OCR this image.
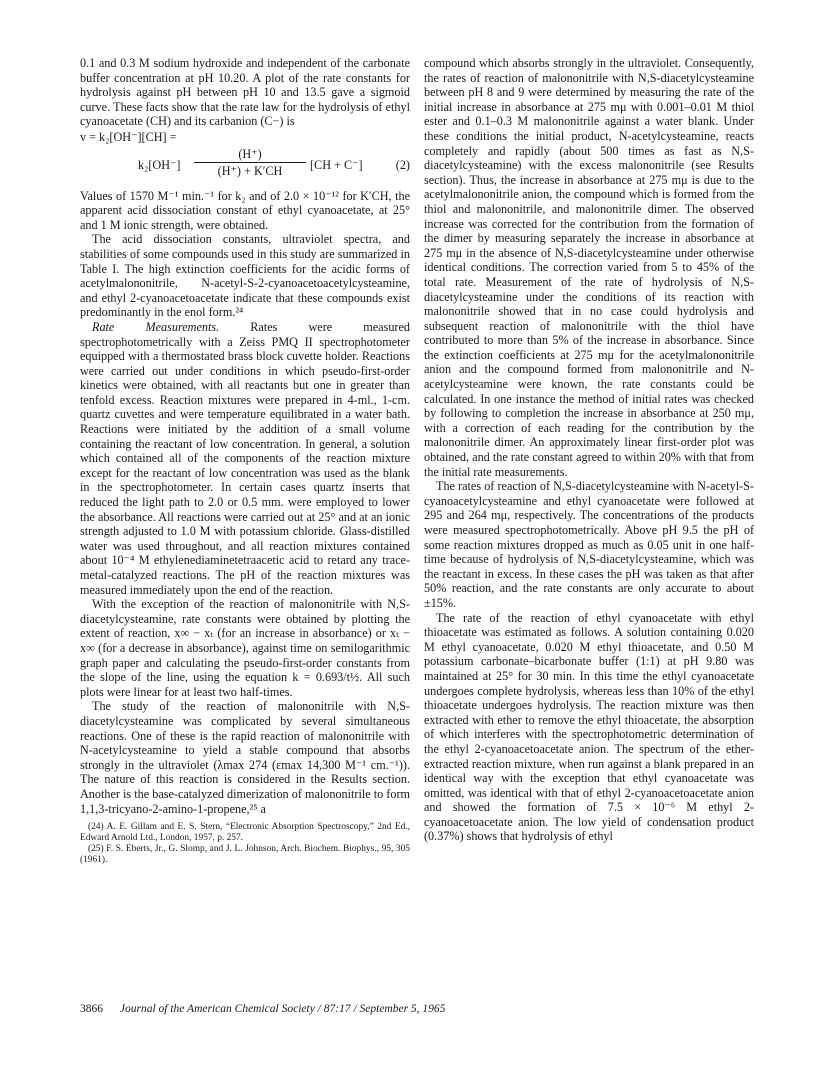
0.1 and 0.3 M sodium hydroxide and independent of the carbonate buffer concentration at pH 10.20. A plot of the rate constants for hydrolysis against pH between pH 10 and 13.5 gave a sigmoid curve. These facts show that the rate law for the hydrolysis of ethyl cyanoacetate (CH) and its carbanion (C−) is

v = k₂[OH⁻][CH] =
$k_2[OH^-] \frac{(H^+)}{(H^+) + K'CH} [CH + C^-]$	(2)

Values of 1570 M⁻¹ min.⁻¹ for k₂ and of 2.0 × 10⁻¹² for K′CH, the apparent acid dissociation constant of ethyl cyanoacetate, at 25° and 1 M ionic strength, were obtained.

The acid dissociation constants, ultraviolet spectra, and stabilities of some compounds used in this study are summarized in Table I. The high extinction coefficients for the acidic forms of acetylmalononitrile, N-acetyl-S-2-cyanoacetoacetylcysteamine, and ethyl 2-cyanoacetoacetate indicate that these compounds exist predominantly in the enol form.²⁴

Rate Measurements. Rates were measured spectrophotometrically with a Zeiss PMQ II spectrophotometer equipped with a thermostated brass block cuvette holder. Reactions were carried out under conditions in which pseudo-first-order kinetics were obtained, with all reactants but one in greater than tenfold excess. Reaction mixtures were prepared in 4-ml., 1-cm. quartz cuvettes and were temperature equilibrated in a water bath. Reactions were initiated by the addition of a small volume containing the reactant of low concentration. In general, a solution which contained all of the components of the reaction mixture except for the reactant of low concentration was used as the blank in the spectrophotometer. In certain cases quartz inserts that reduced the light path to 2.0 or 0.5 mm. were employed to lower the absorbance. All reactions were carried out at 25° and at an ionic strength adjusted to 1.0 M with potassium chloride. Glass-distilled water was used throughout, and all reaction mixtures contained about 10⁻⁴ M ethylenediaminetetraacetic acid to retard any trace-metal-catalyzed reactions. The pH of the reaction mixtures was measured immediately upon the end of the reaction.

With the exception of the reaction of malononitrile with N,S-diacetylcysteamine, rate constants were obtained by plotting the extent of reaction, x∞ − xₜ (for an increase in absorbance) or xₜ − x∞ (for a decrease in absorbance), against time on semilogarithmic graph paper and calculating the pseudo-first-order constants from the slope of the line, using the equation k = 0.693/t½. All such plots were linear for at least two half-times.

The study of the reaction of malononitrile with N,S-diacetylcysteamine was complicated by several simultaneous reactions. One of these is the rapid reaction of malononitrile with N-acetylcysteamine to yield a stable compound that absorbs strongly in the ultraviolet (λmax 274 (εmax 14,300 M⁻¹ cm.⁻¹)). The nature of this reaction is considered in the Results section. Another is the base-catalyzed dimerization of malononitrile to form 1,1,3-tricyano-2-amino-1-propene,²⁵ a

(24) A. E. Gillam and E. S. Stern, “Electronic Absorption Spectroscopy,” 2nd Ed., Edward Arnold Ltd., London, 1957, p. 257.

(25) F. S. Eberts, Jr., G. Slomp, and J. L. Johnson, Arch. Biochem. Biophys., 95, 305 (1961).

compound which absorbs strongly in the ultraviolet. Consequently, the rates of reaction of malononitrile with N,S-diacetylcysteamine between pH 8 and 9 were determined by measuring the rate of the initial increase in absorbance at 275 mμ with 0.001–0.01 M thiol ester and 0.1–0.3 M malononitrile against a water blank. Under these conditions the initial product, N-acetylcysteamine, reacts completely and rapidly (about 500 times as fast as N,S-diacetylcysteamine) with the excess malononitrile (see Results section). Thus, the increase in absorbance at 275 mμ is due to the acetylmalononitrile anion, the compound which is formed from the thiol and malononitrile, and malononitrile dimer. The observed increase was corrected for the contribution from the formation of the dimer by measuring separately the increase in absorbance at 275 mμ in the absence of N,S-diacetylcysteamine under otherwise identical conditions. The correction varied from 5 to 45% of the total rate. Measurement of the rate of hydrolysis of N,S-diacetylcysteamine under the conditions of its reaction with malononitrile showed that in no case could hydrolysis and subsequent reaction of malononitrile with the thiol have contributed to more than 5% of the increase in absorbance. Since the extinction coefficients at 275 mμ for the acetylmalononitrile anion and the compound formed from malononitrile and N-acetylcysteamine were known, the rate constants could be calculated. In one instance the method of initial rates was checked by following to completion the increase in absorbance at 250 mμ, with a correction of each reading for the contribution by the malononitrile dimer. An approximately linear first-order plot was obtained, and the rate constant agreed to within 20% with that from the initial rate measurements.

The rates of reaction of N,S-diacetylcysteamine with N-acetyl-S-cyanoacetylcysteamine and ethyl cyanoacetate were followed at 295 and 264 mμ, respectively. The concentrations of the products were measured spectrophotometrically. Above pH 9.5 the pH of some reaction mixtures dropped as much as 0.05 unit in one half-time because of hydrolysis of N,S-diacetylcysteamine, which was the reactant in excess. In these cases the pH was taken as that after 50% reaction, and the rate constants are only accurate to about ±15%.

The rate of the reaction of ethyl cyanoacetate with ethyl thioacetate was estimated as follows. A solution containing 0.020 M ethyl cyanoacetate, 0.020 M ethyl thioacetate, and 0.50 M potassium carbonate–bicarbonate buffer (1:1) at pH 9.80 was maintained at 25° for 30 min. In this time the ethyl cyanoacetate undergoes complete hydrolysis, whereas less than 10% of the ethyl thioacetate undergoes hydrolysis. The reaction mixture was then extracted with ether to remove the ethyl thioacetate, the absorption of which interferes with the spectrophotometric determination of the ethyl 2-cyanoacetoacetate anion. The spectrum of the ether-extracted reaction mixture, when run against a blank prepared in an identical way with the exception that ethyl cyanoacetate was omitted, was identical with that of ethyl 2-cyanoacetoacetate anion and showed the formation of 7.5 × 10⁻⁶ M ethyl 2-cyanoacetoacetate anion. The low yield of condensation product (0.37%) shows that hydrolysis of ethyl

3866 Journal of the American Chemical Society / 87:17 / September 5, 1965
